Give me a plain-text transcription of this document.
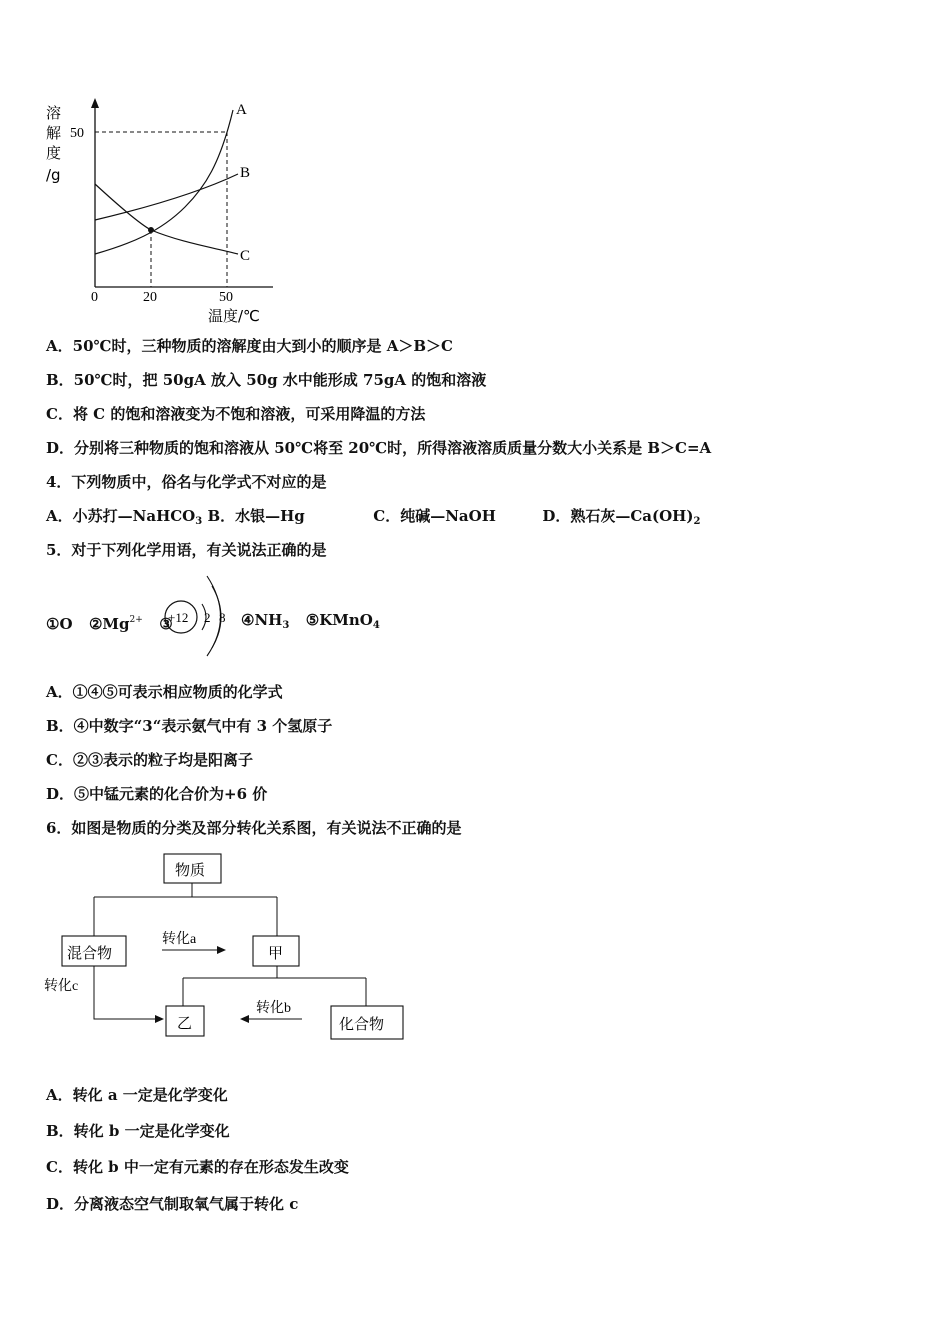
溶
解
度
/g
50
0	20	50
温度/℃
A
B
C
A．50℃时，三种物质的溶解度由大到小的顺序是 A＞B＞C
B．50℃时，把 50gA 放入 50g 水中能形成 75gA 的饱和溶液
C．将 C 的饱和溶液变为不饱和溶液，可采用降温的方法
D．分别将三种物质的饱和溶液从 50℃将至 20℃时，所得溶液溶质质量分数大小关系是 B＞C=A
4．下列物质中，俗名与化学式不对应的是
A．小苏打—NaHCO$_3$ B．水银—Hg	C．纯碱—NaOH	D．熟石灰$—Ca(OH)_2$
5．对于下列化学用语，有关说法正确的是
①O $②Mg^{2+}$ ③
+12 2 8 $④NH_3$ ⑤KMnO$_4$
A．①④⑤可表示相应物质的化学式
B．④中数字“3“表示氨气中有 3 个氢原子
C．②③表示的粒子均是阳离子
D．⑤中锰元素的化合价为+6 价
6．如图是物质的分类及部分转化关系图，有关说法不正确的是
物质
混合物	甲
乙	化合物
转化a
转化c
转化b
A．转化 a 一定是化学变化
B．转化 b 一定是化学变化
C．转化 b 中一定有元素的存在形态发生改变
D．分离液态空气制取氧气属于转化 c
